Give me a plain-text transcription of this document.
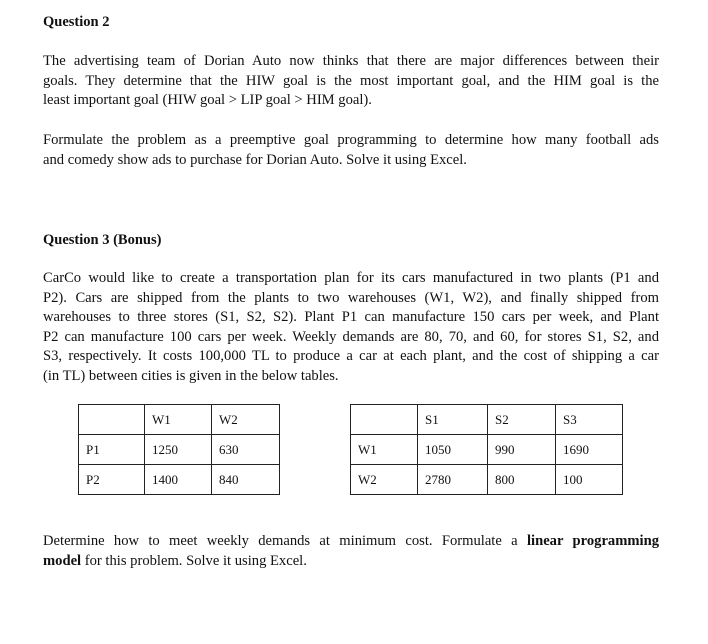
Question 2
The advertising team of Dorian Auto now thinks that there are major differences between their
goals. They determine that the HIW goal is the most important goal, and the HIM goal is the
least important goal (HIW goal > LIP goal > HIM goal).
Formulate the problem as a preemptive goal programming to determine how many football ads
and comedy show ads to purchase for Dorian Auto. Solve it using Excel.
Question 3 (Bonus)
CarCo would like to create a transportation plan for its cars manufactured in two plants (P1 and
P2). Cars are shipped from the plants to two warehouses (W1, W2), and finally shipped from
warehouses to three stores (S1, S2, S2). Plant P1 can manufacture 150 cars per week, and Plant
P2 can manufacture 100 cars per week. Weekly demands are 80, 70, and 60, for stores S1, S2, and
S3, respectively. It costs 100,000 TL to produce a car at each plant, and the cost of shipping a car
(in TL) between cities is given in the below tables.
	W1	W2
P1	1250	630
P2	1400	840
	S1	S2	S3
W1	1050	990	1690
W2	2780	800	100
Determine how to meet weekly demands at minimum cost. Formulate a linear programming
model for this problem. Solve it using Excel.
